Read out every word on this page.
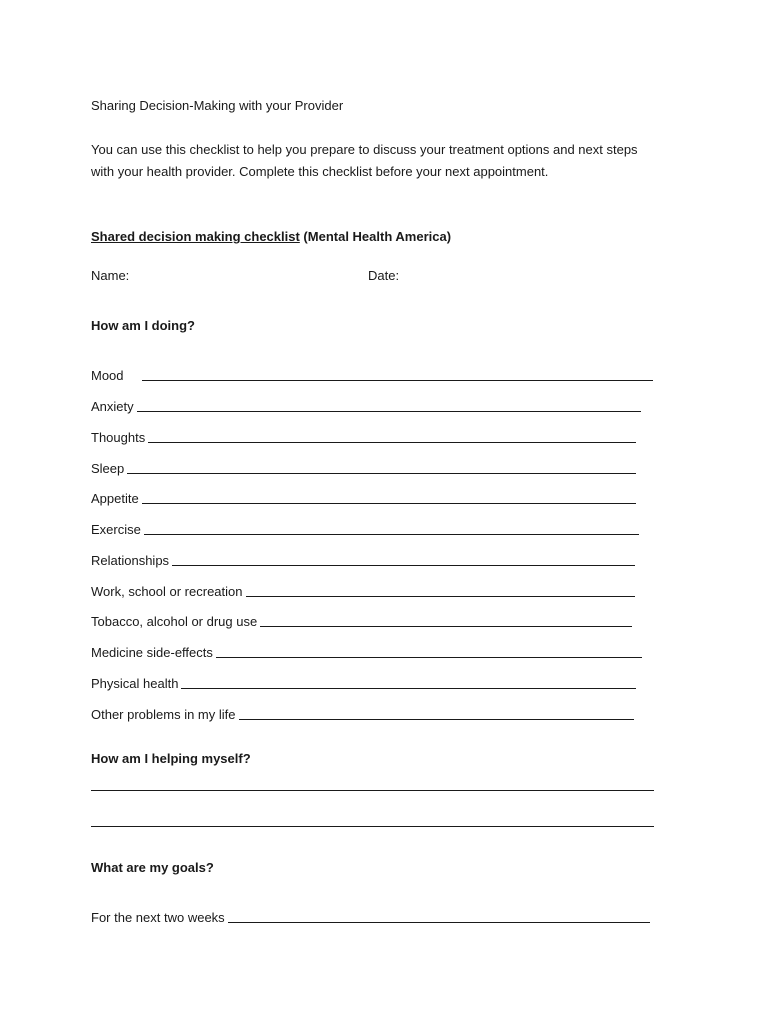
Sharing Decision-Making with your Provider
You can use this checklist to help you prepare to discuss your treatment options and next steps
with your health provider. Complete this checklist before your next appointment.
Shared decision making checklist (Mental Health America)
Name:	Date:
How am I doing?
Mood
Anxiety
Thoughts
Sleep
Appetite
Exercise
Relationships
Work, school or recreation
Tobacco, alcohol or drug use
Medicine side-effects
Physical health
Other problems in my life
How am I helping myself?
What are my goals?
For the next two weeks
